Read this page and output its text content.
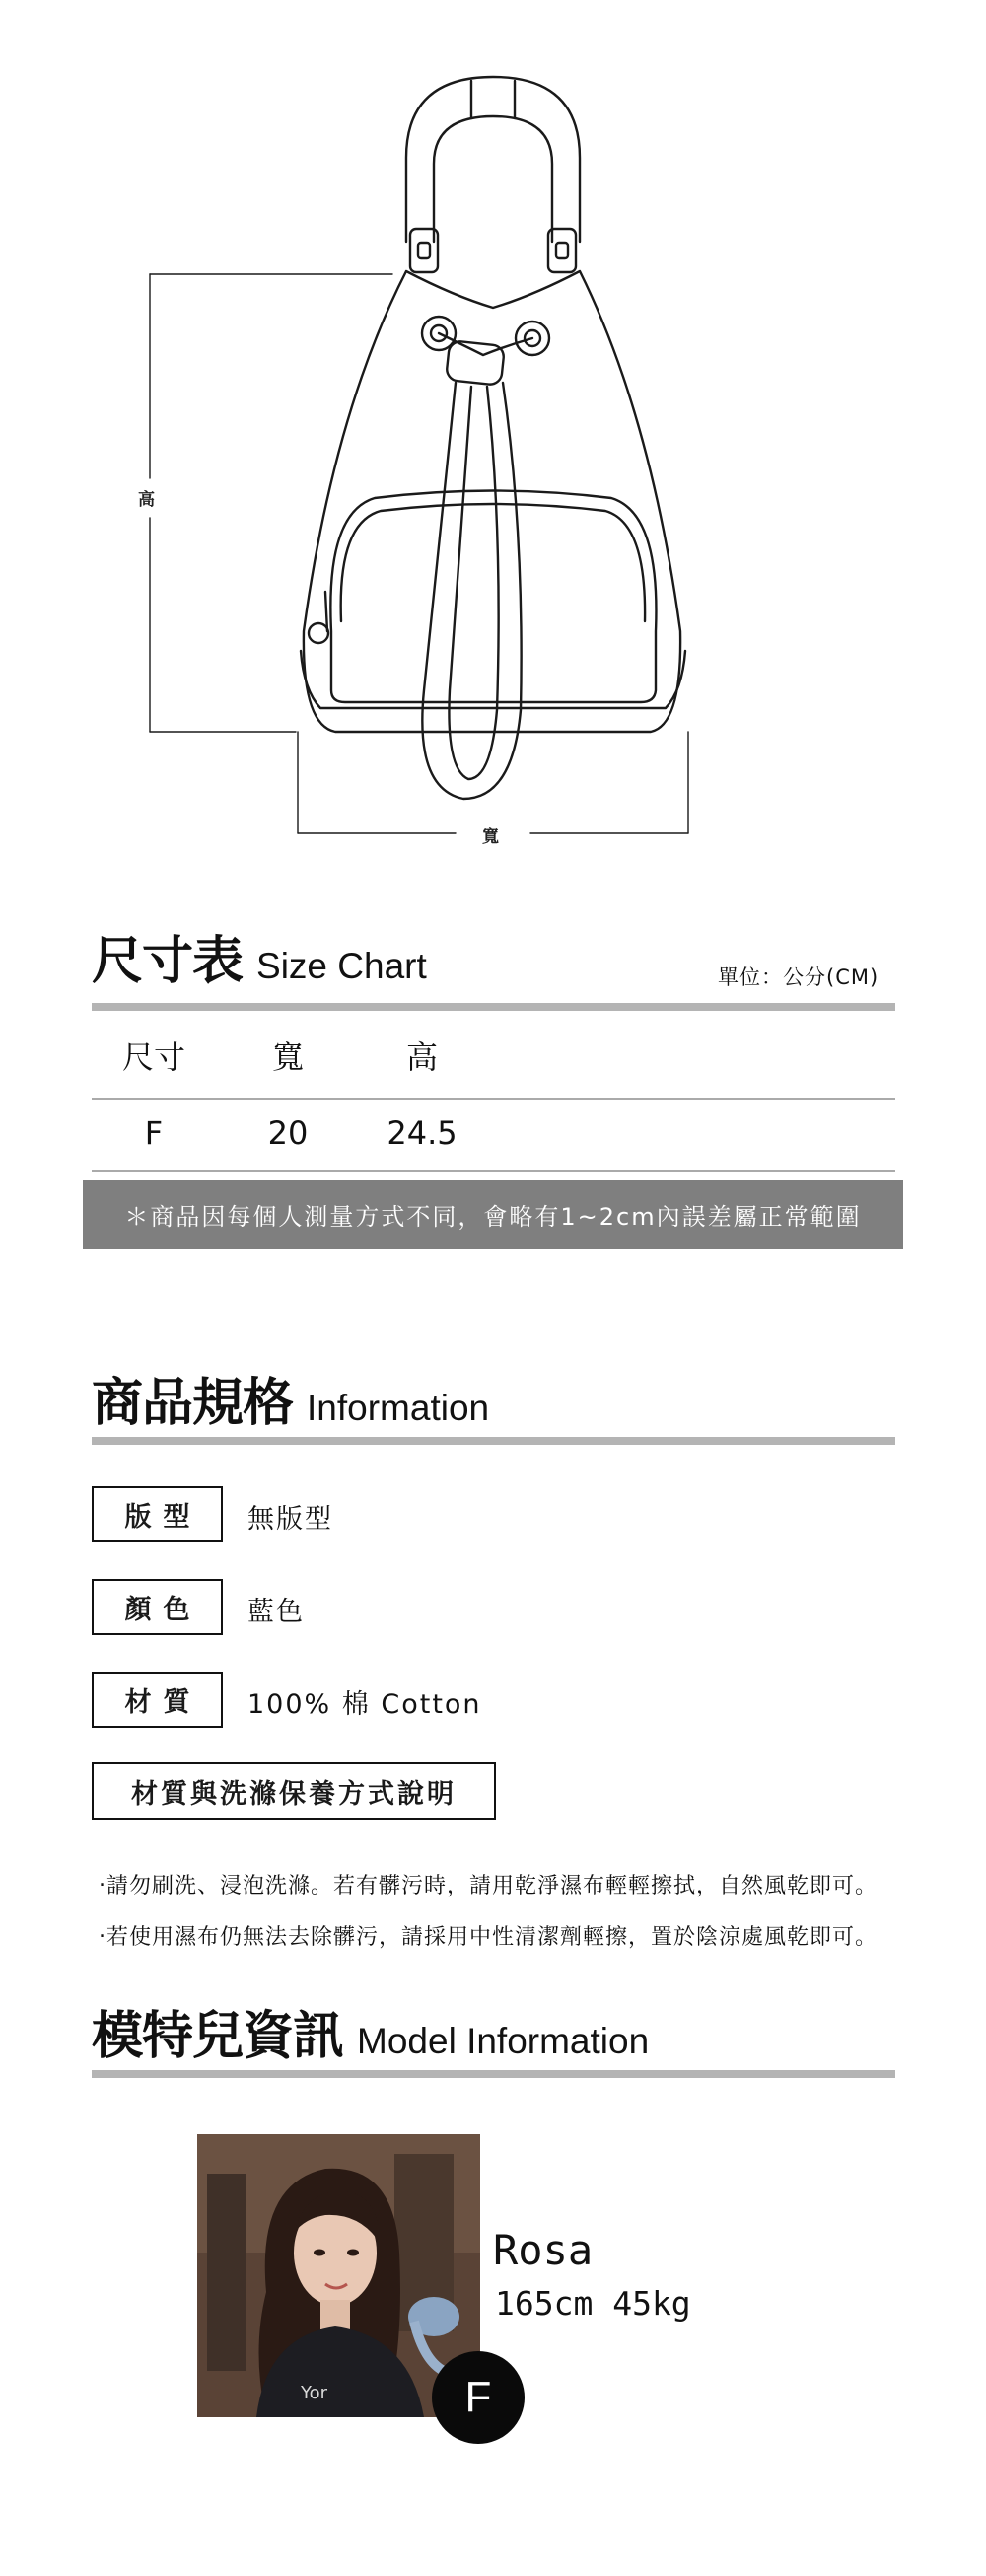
高
寬
尺寸表 Size Chart	單位：公分(CM)
尺寸	寬	高
F	20	24.5
＊商品因每個人測量方式不同，會略有1~2cm內誤差屬正常範圍
商品規格 Information
版型	無版型
顏色	藍色
材質	100% 棉 Cotton
材質與洗滌保養方式說明
‧請勿刷洗、浸泡洗滌。若有髒污時，請用乾淨濕布輕輕擦拭，自然風乾即可。
‧若使用濕布仍無法去除髒污，請採用中性清潔劑輕擦，置於陰涼處風乾即可。
模特兒資訊 Model Information
Yor	F
Rosa
165cm 45kg
